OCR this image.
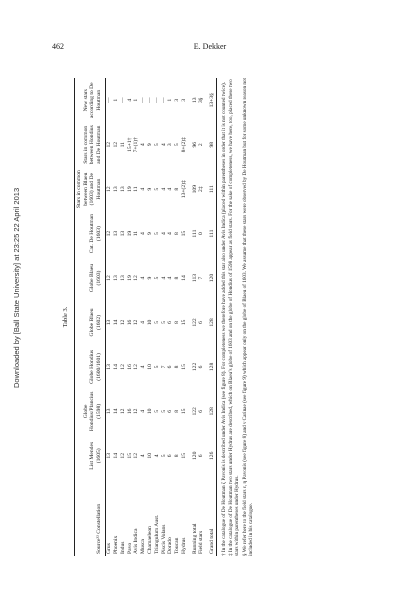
462	E. Dekker
Downloaded by [Ball State University] at 23:25 22 April 2013	Table 3.
Source³² Constellation	List Mendes (1605)	Globe Hondius/Plancius (1598)	Globe Hondius (1600/1601)	Globe Blaeu (1602)	Globe Blaeu (1603)	Cat. De Houtman (1603)	Stars in common between Blaeu (1603) and De Houtman	Stars in common between Hondius and De Houtman	New stars according to De Houtman
Grus	13	13	13	13	12	12	12	12	—
Phoenix	14	14	14	14	13	13	13	12	1
Indus	12	12	12	12	13	13	13	11	—
Pavo	15	16	16	16	19	19	19	15+1†	4
Avis Indica	12	12	12	12	12	11	11	7+(1)†	1
Musca	4	4	4	4	4	4	4	4	—
Chamaeleon	10	10	10	10	9	9	9	9	—
Triangulum Aust.	4	5	5	5	5	5	5	5	—
Piscis Volans	5	5	7	5	4	4	4	4	—
Dorado	6	6	6	6	4	4	4	3	1
Toucan	8	8	8	8	8	8	8	5	3
Hydrus	15	15	15	15	14	15	13+(2)‡	8+(2)‡	3
Running total	120	122	122	122	113	111	109	96	13
Field stars	6	6	6	6	7	0	2‡	2	3§
Grand total	126	128	128	128	120	111	111	98	13+3§ † In the catalogue of De Houtman ζ Pavonis is described under Avis Indica (see figure 8). For completeness we therefore have added this star also under Avis Indica (placed within parentheses in order that it is not counted twice). ‡ In the catalogue of De Houtman two stars under Hydrus are described, which on Blaeu’s globe of 1603 and on the globe of Hondius of 1598 appear as field stars. For the sake of completeness, we have here, too, placed these two stars within parentheses under Hydrus. § We refer here to the field stars ε, η Pavonis (see figure 8) and ν Carinae (see figure 9) which appear only on the globe of Blaeu of 1603. We assume that these stars were observed by De Houtman but for some unknown reason not included in his catalogue.
